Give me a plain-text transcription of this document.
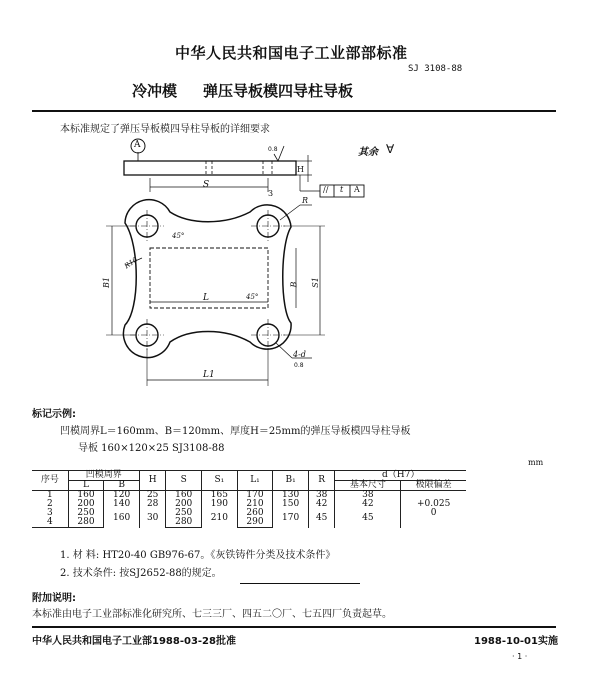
中华人民共和国电子工业部部标准
SJ 3108-88
冷冲模 弹压导板模四导柱导板
本标准规定了弹压导板模四导柱导板的详细要求
A	0.8	其余 ∀
H
S
3	// t A
R
45°
R10
B1	B S1
L	45°
4-d
0.8
L1
标记示例:
凹模周界L＝160mm、B＝120mm、厚度H＝25mm的弹压导板模四导柱导板
导板 160×120×25 SJ3108-88
mm
序号	凹模周界		H	S	S₁	L₁	B₁	R	d（H7）	
	L	B							基本尺寸	极限偏差
1	160	120	25	160	165	170	130	38	38	+0.025
0

2	200	140	28	200	190	210	150	42	42	
3	250	160	30	250	210	260	170	45	45	
4	280			280		290				
1. 材 料: HT20-40 GB976-67。《灰铁铸件分类及技术条件》
2. 技术条件: 按SJ2652-88的规定。
附加说明:
本标准由电子工业部标准化研究所、七三三厂、四五二〇厂、七五四厂负责起草。
中华人民共和国电子工业部1988-03-28批准	1988-10-01实施
· 1 ·
